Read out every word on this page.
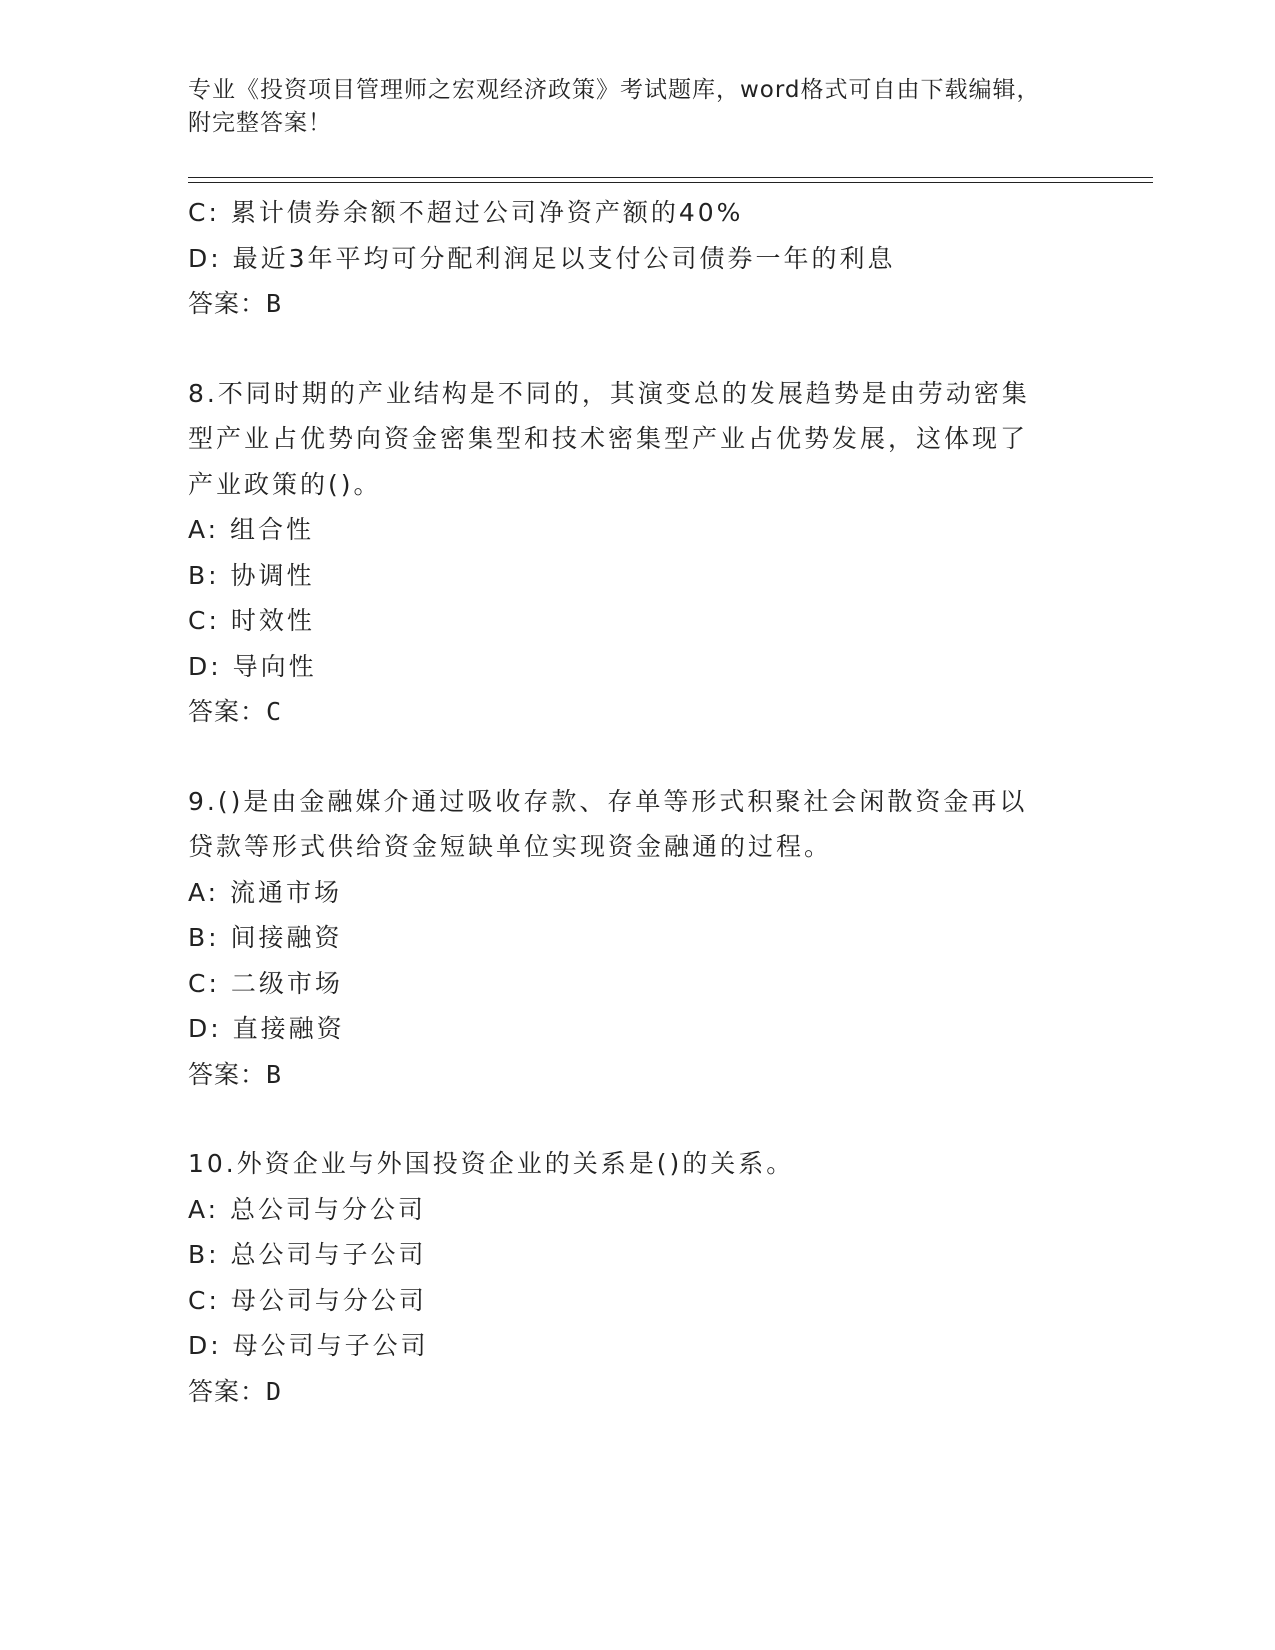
专业《投资项目管理师之宏观经济政策》考试题库，word格式可自由下载编辑，
附完整答案！
C: 累计债券余额不超过公司净资产额的40%
D: 最近3年平均可分配利润足以支付公司债券一年的利息
答案：B
8.不同时期的产业结构是不同的，其演变总的发展趋势是由劳动密集
型产业占优势向资金密集型和技术密集型产业占优势发展，这体现了
产业政策的()。
A: 组合性
B: 协调性
C: 时效性
D: 导向性
答案：C
9.()是由金融媒介通过吸收存款、存单等形式积聚社会闲散资金再以
贷款等形式供给资金短缺单位实现资金融通的过程。
A: 流通市场
B: 间接融资
C: 二级市场
D: 直接融资
答案：B
10.外资企业与外国投资企业的关系是()的关系。
A: 总公司与分公司
B: 总公司与子公司
C: 母公司与分公司
D: 母公司与子公司
答案：D
